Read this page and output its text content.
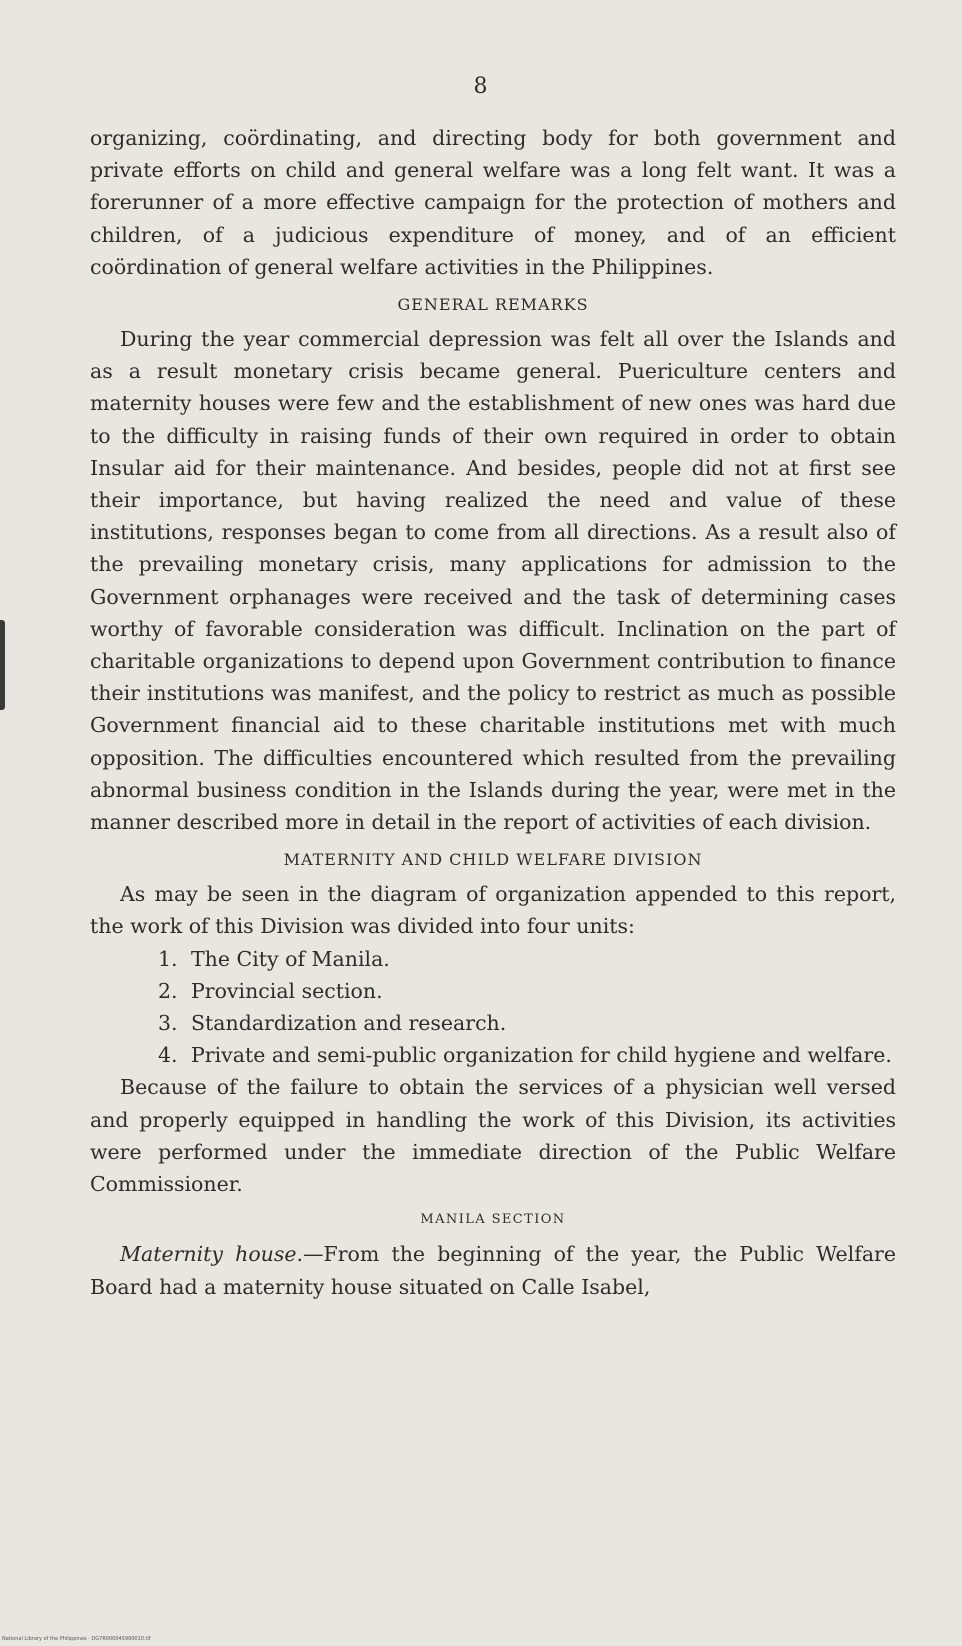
8

organizing, coördinating, and directing body for both government and private efforts on child and general welfare was a long felt want. It was a forerunner of a more effective campaign for the protection of mothers and children, of a judicious expenditure of money, and of an efficient coördination of general welfare activities in the Philippines.

GENERAL REMARKS

During the year commercial depression was felt all over the Islands and as a result monetary crisis became general. Puericulture centers and maternity houses were few and the establishment of new ones was hard due to the difficulty in raising funds of their own required in order to obtain Insular aid for their maintenance. And besides, people did not at first see their importance, but having realized the need and value of these institutions, responses began to come from all directions. As a result also of the prevailing monetary crisis, many applications for admission to the Government orphanages were received and the task of determining cases worthy of favorable consideration was difficult. Inclination on the part of charitable organizations to depend upon Government contribution to finance their institutions was manifest, and the policy to restrict as much as possible Government financial aid to these charitable institutions met with much opposition. The difficulties encountered which resulted from the prevailing abnormal business condition in the Islands during the year, were met in the manner described more in detail in the report of activities of each division.

MATERNITY AND CHILD WELFARE DIVISION

As may be seen in the diagram of organization appended to this report, the work of this Division was divided into four units:

1. The City of Manila.
2. Provincial section.
3. Standardization and research.
4. Private and semi-public organization for child hygiene and welfare.

Because of the failure to obtain the services of a physician well versed and properly equipped in handling the work of this Division, its activities were performed under the immediate direction of the Public Welfare Commissioner.

MANILA SECTION

Maternity house.—From the beginning of the year, the Public Welfare Board had a maternity house situated on Calle Isabel,

National Library of the Philippines · DG7R000045990010.tif
